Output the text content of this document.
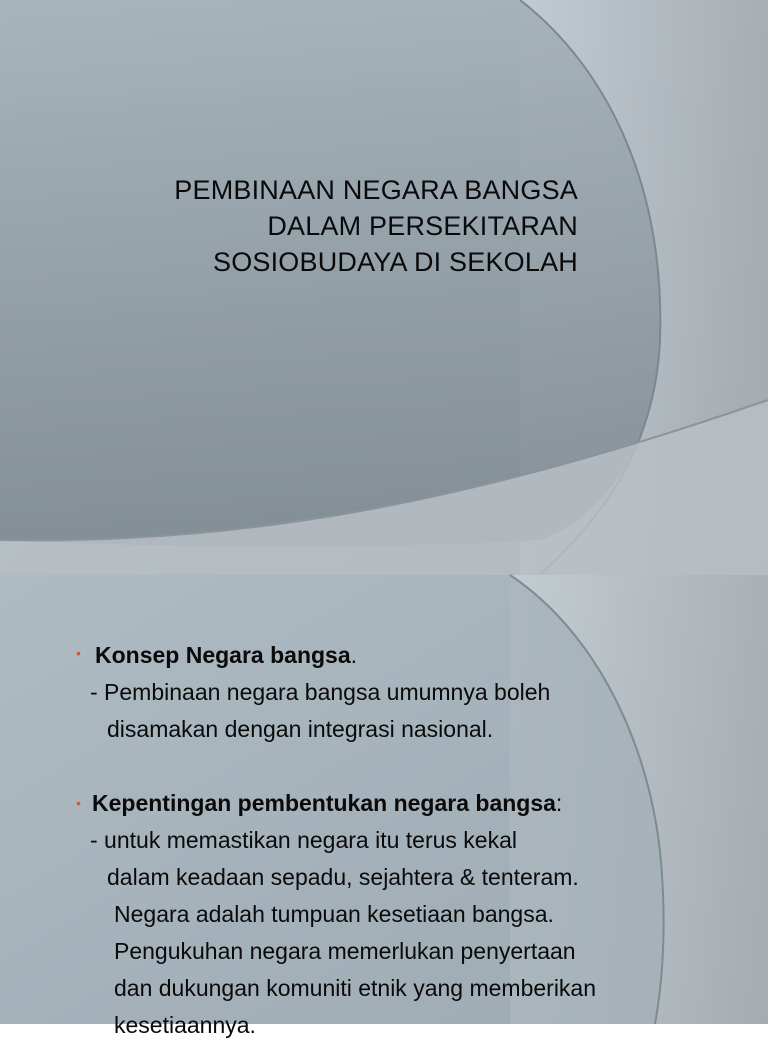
PEMBINAAN NEGARA BANGSA
DALAM PERSEKITARAN
SOSIOBUDAYA DI SEKOLAH
• Konsep Negara bangsa.
- Pembinaan negara bangsa umumnya boleh
disamakan dengan integrasi nasional.
• Kepentingan pembentukan negara bangsa:
- untuk memastikan negara itu terus kekal
dalam keadaan sepadu, sejahtera & tenteram.
Negara adalah tumpuan kesetiaan bangsa.
Pengukuhan negara memerlukan penyertaan
dan dukungan komuniti etnik yang memberikan
kesetiaannya.
